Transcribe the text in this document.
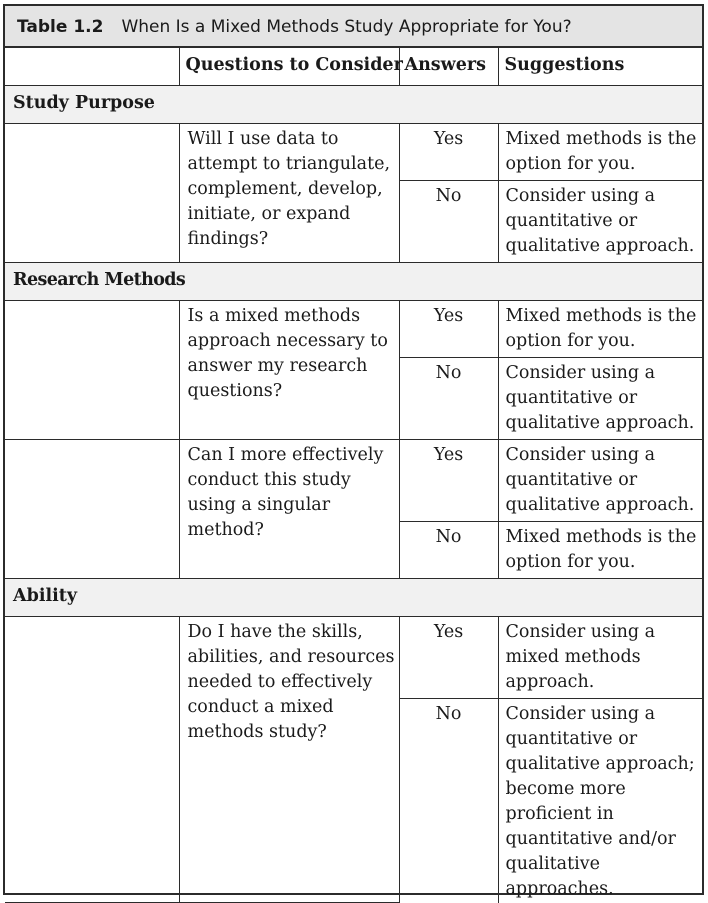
Table 1.2 When Is a Mixed Methods Study Appropriate for You?

	Questions to Consider	Answers	Suggestions

Study Purpose			

	Will I use data to attempt to triangulate, complement, develop, initiate, or expand findings?	Yes	Mixed methods is the option for you.

		No	Consider using a quantitative or qualitative approach.

Research Methods			

	Is a mixed methods approach necessary to answer my research questions?	Yes	Mixed methods is the option for you.

		No	Consider using a quantitative or qualitative approach.

	Can I more effectively conduct this study using a singular method?	Yes	Consider using a quantitative or qualitative approach.

		No	Mixed methods is the option for you.

Ability			

	Do I have the skills, abilities, and resources needed to effectively conduct a mixed methods study?	Yes	Consider using a mixed methods approach.

		No	Consider using a quantitative or qualitative approach; become more proficient in quantitative and/or qualitative approaches.
